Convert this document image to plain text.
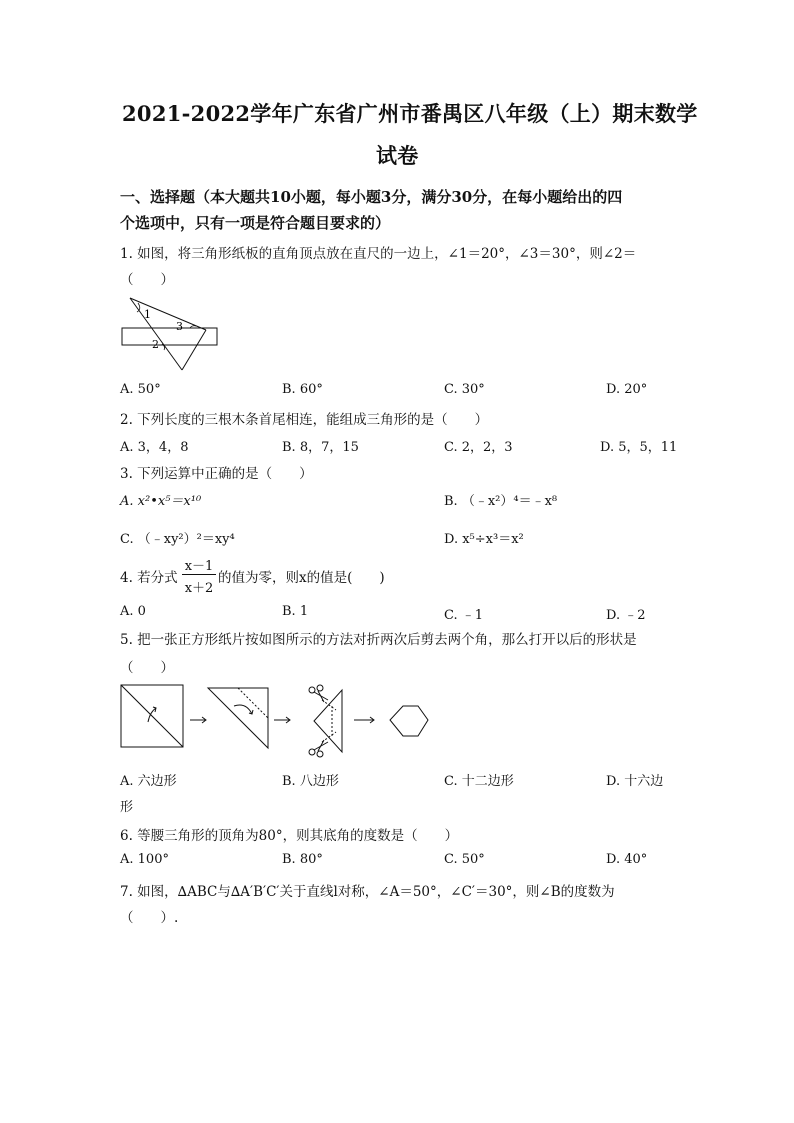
2021-2022学年广东省广州市番禺区八年级（上）期末数学
试卷
一、选择题（本大题共10小题，每小题3分，满分30分，在每小题给出的四
个选项中，只有一项是符合题目要求的）
1. 如图，将三角形纸板的直角顶点放在直尺的一边上，∠1＝20°，∠3＝30°，则∠2＝
（　　）
1
3
2
A. 50°	B. 60°	C. 30°	D. 20°
2. 下列长度的三根木条首尾相连，能组成三角形的是（　　）
A. 3，4，8	B. 8，7，15	C. 2，2，3	D. 5，5，11
3. 下列运算中正确的是（　　）
A. x²•x⁵＝x¹⁰	B. （﹣x²）⁴＝﹣x⁸
C. （﹣xy²）²＝xy⁴	D. x⁵÷x³＝x²
4. 若分式
x－1
x＋2
的值为零，则x的值是(　　)
A. 0	B. 1	C. ﹣1	D. ﹣2
5. 把一张正方形纸片按如图所示的方法对折两次后剪去两个角，那么打开以后的形状是
（　　）
A. 六边形	B. 八边形	C. 十二边形	D. 十六边
形
6. 等腰三角形的顶角为80°，则其底角的度数是（　　）
A. 100°	B. 80°	C. 50°	D. 40°
7. 如图，∆ABC与∆A′B′C′关于直线l对称，∠A＝50°，∠C′＝30°，则∠B的度数为
（　　）.
